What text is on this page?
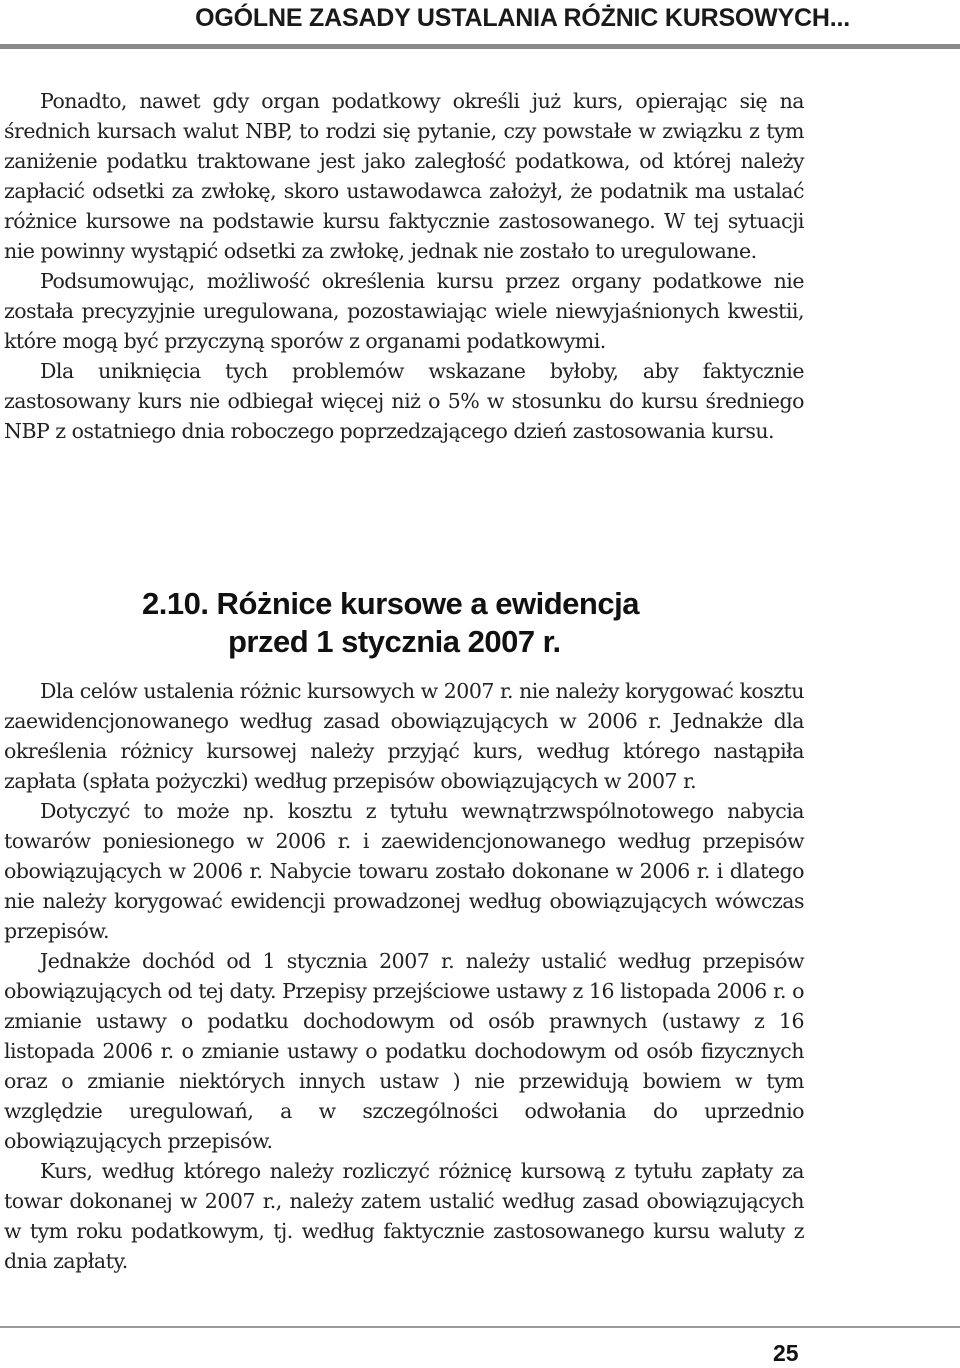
OGÓLNE ZASADY USTALANIA RÓŻNIC KURSOWYCH...

Ponadto, nawet gdy organ podatkowy określi już kurs, opierając się na średnich kursach walut NBP, to rodzi się pytanie, czy powstałe w związku z tym zaniżenie podatku traktowane jest jako zaległość podatkowa, od której należy zapłacić odsetki za zwłokę, skoro ustawodawca założył, że podatnik ma ustalać różnice kursowe na podstawie kursu faktycznie zastosowanego. W tej sytuacji nie powinny wystąpić odsetki za zwłokę, jednak nie zostało to uregulowane.

Podsumowując, możliwość określenia kursu przez organy podatkowe nie została precyzyjnie uregulowana, pozostawiając wiele niewyjaśnionych kwestii, które mogą być przyczyną sporów z organami podatkowymi.

Dla uniknięcia tych problemów wskazane byłoby, aby faktycznie zastosowany kurs nie odbiegał więcej niż o 5% w stosunku do kursu średniego NBP z ostatniego dnia roboczego poprzedzającego dzień zastosowania kursu.

2.10. Różnice kursowe a ewidencja
przed 1 stycznia 2007 r.

Dla celów ustalenia różnic kursowych w 2007 r. nie należy korygować kosztu zaewidencjonowanego według zasad obowiązujących w 2006 r. Jednakże dla określenia różnicy kursowej należy przyjąć kurs, według którego nastąpiła zapłata (spłata pożyczki) według przepisów obowiązujących w 2007 r.

Dotyczyć to może np. kosztu z tytułu wewnątrzwspólnotowego nabycia towarów poniesionego w 2006 r. i zaewidencjonowanego według przepisów obowiązujących w 2006 r. Nabycie towaru zostało dokonane w 2006 r. i dlatego nie należy korygować ewidencji prowadzonej według obowiązujących wówczas przepisów.

Jednakże dochód od 1 stycznia 2007 r. należy ustalić według przepisów obowiązujących od tej daty. Przepisy przejściowe ustawy z 16 listopada 2006 r. o zmianie ustawy o podatku dochodowym od osób prawnych (ustawy z 16 listopada 2006 r. o zmianie ustawy o podatku dochodowym od osób fizycznych oraz o zmianie niektórych innych ustaw ) nie przewidują bowiem w tym względzie uregulowań, a w szczególności odwołania do uprzednio obowiązujących przepisów.

Kurs, według którego należy rozliczyć różnicę kursową z tytułu zapłaty za towar dokonanej w 2007 r., należy zatem ustalić według zasad obowiązujących w tym roku podatkowym, tj. według faktycznie zastosowanego kursu waluty z dnia zapłaty.

25
